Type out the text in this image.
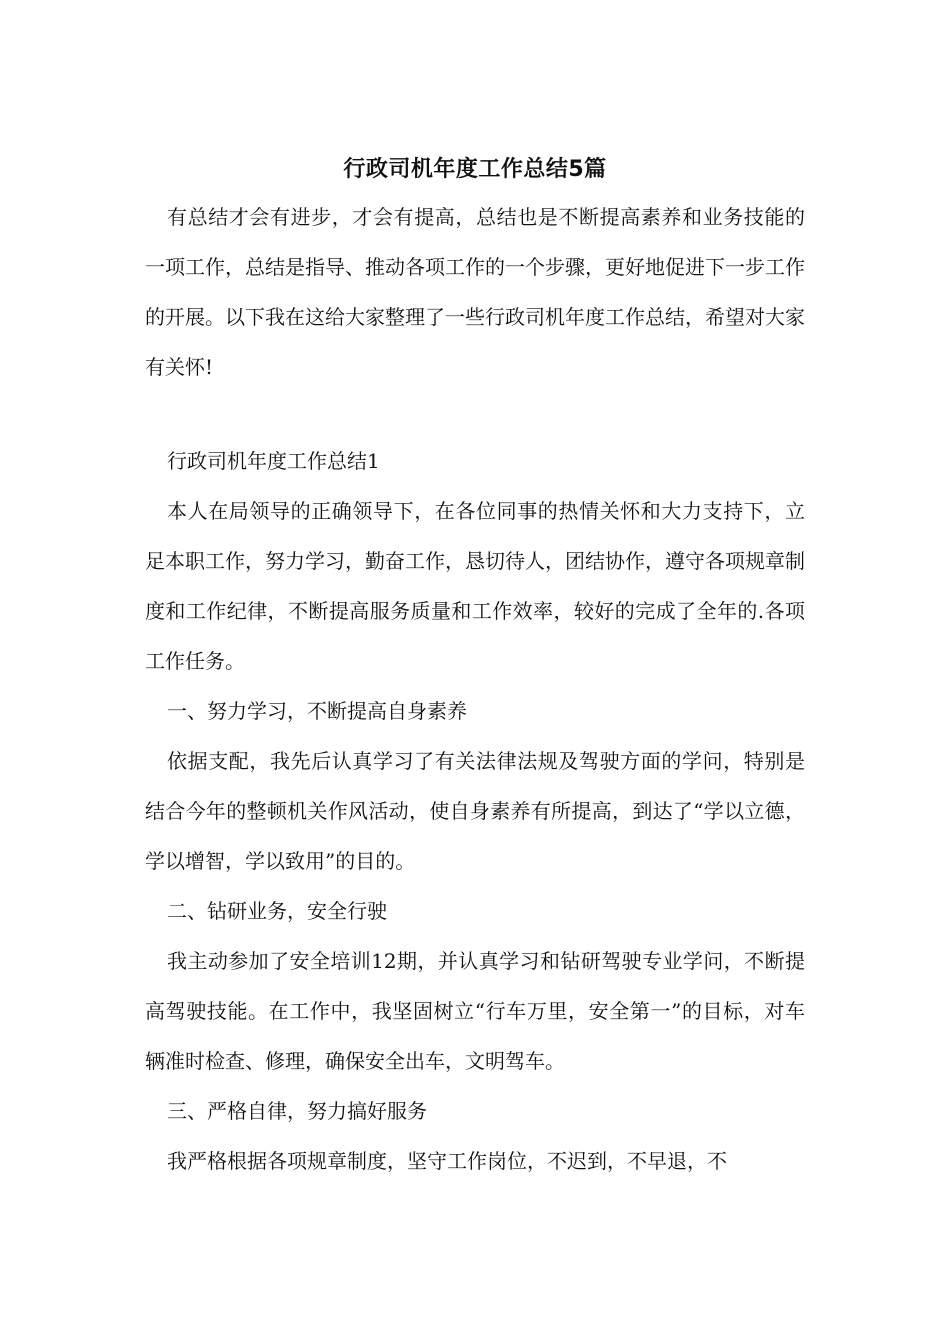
行政司机年度工作总结5篇

有总结才会有进步，才会有提高，总结也是不断提高素养和业务技能的一项工作，总结是指导、推动各项工作的一个步骤，更好地促进下一步工作的开展。以下我在这给大家整理了一些行政司机年度工作总结，希望对大家有关怀!

行政司机年度工作总结1

本人在局领导的正确领导下，在各位同事的热情关怀和大力支持下，立足本职工作，努力学习，勤奋工作，恳切待人，团结协作，遵守各项规章制度和工作纪律，不断提高服务质量和工作效率，较好的完成了全年的.各项工作任务。

一、努力学习，不断提高自身素养

依据支配，我先后认真学习了有关法律法规及驾驶方面的学问，特别是结合今年的整顿机关作风活动，使自身素养有所提高，到达了“学以立德，学以增智，学以致用”的目的。

二、钻研业务，安全行驶

我主动参加了安全培训12期，并认真学习和钻研驾驶专业学问，不断提高驾驶技能。在工作中，我坚固树立“行车万里，安全第一”的目标，对车辆准时检查、修理，确保安全出车，文明驾车。

三、严格自律，努力搞好服务

我严格根据各项规章制度，坚守工作岗位，不迟到，不早退，不
